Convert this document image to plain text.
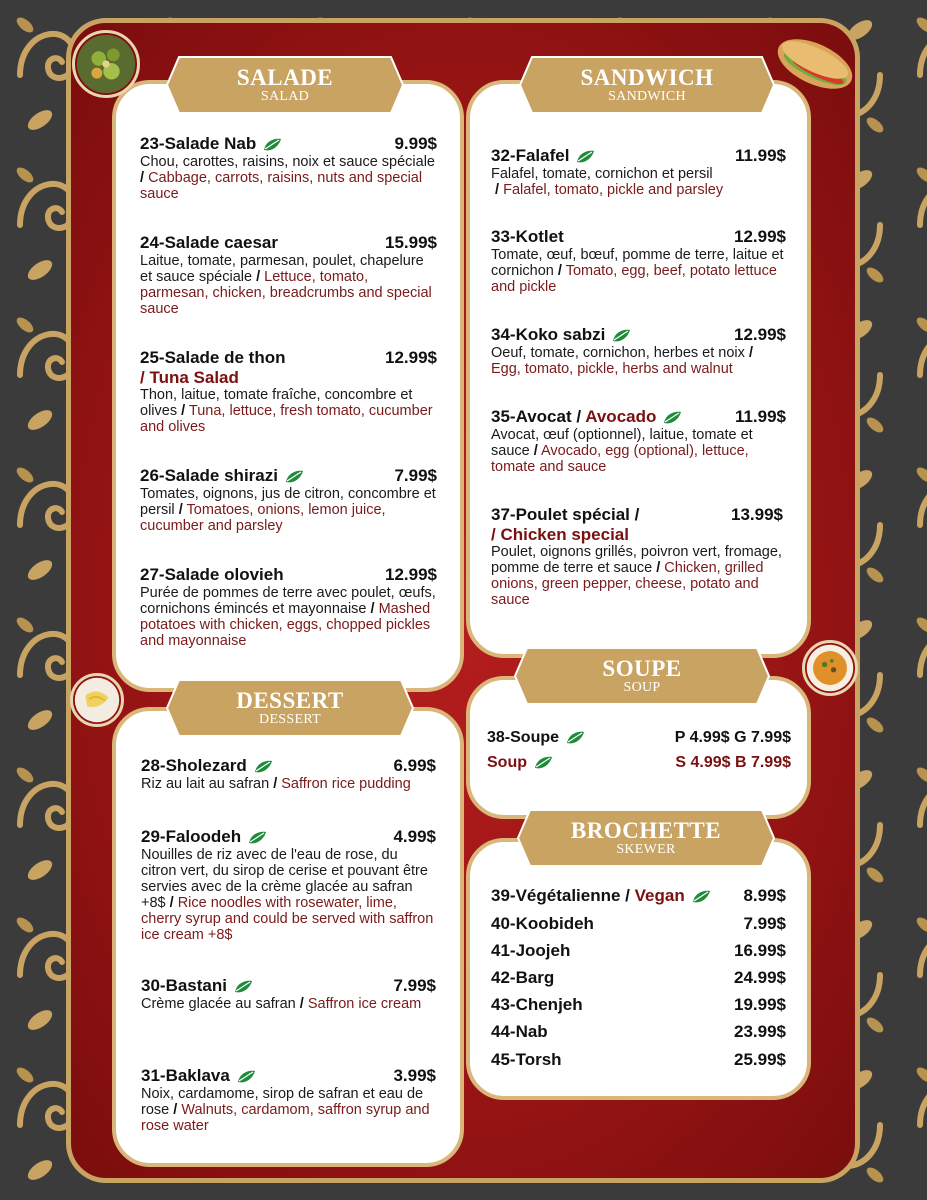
SALADE
SALAD
SANDWICH
SANDWICH
DESSERT
DESSERT
SOUPE
SOUP
BROCHETTE
SKEWER
23-Salade Nab	9.99$
Chou, carottes, raisins, noix et sauce spéciale / Cabbage, carrots, raisins, nuts and special sauce
24-Salade caesar	15.99$
Laitue, tomate, parmesan, poulet, chapelure et sauce spéciale / Lettuce, tomato, parmesan, chicken, breadcrumbs and special sauce
25-Salade de thon	12.99$
/ Tuna Salad
Thon, laitue, tomate fraîche, concombre et olives / Tuna, lettuce, fresh tomato, cucumber and olives
26-Salade shirazi	7.99$
Tomates, oignons, jus de citron, concombre et persil / Tomatoes, onions, lemon juice, cucumber and parsley
27-Salade olovieh	12.99$
Purée de pommes de terre avec poulet, œufs, cornichons émincés et mayonnaise / Mashed potatoes with chicken, eggs, chopped pickles and mayonnaise
32-Falafel	11.99$
Falafel, tomate, cornichon et persil
/ Falafel, tomato, pickle and parsley
33-Kotlet	12.99$
Tomate, œuf, bœuf, pomme de terre, laitue et cornichon / Tomato, egg, beef, potato lettuce and pickle
34-Koko sabzi	12.99$
Oeuf, tomate, cornichon, herbes et noix / Egg, tomato, pickle, herbs and walnut
35-Avocat / Avocado	11.99$
Avocat, œuf (optionnel), laitue, tomate et sauce / Avocado, egg (optional), lettuce, tomate and sauce
37-Poulet spécial /	13.99$
/ Chicken special
Poulet, oignons grillés, poivron vert, fromage, pomme de terre et sauce / Chicken, grilled onions, green pepper, cheese, potato and sauce
28-Sholezard	6.99$
Riz au lait au safran / Saffron rice pudding
29-Faloodeh	4.99$
Nouilles de riz avec de l'eau de rose, du citron vert, du sirop de cerise et pouvant être servies avec de la crème glacée au safran +8$ / Rice noodles with rosewater, lime, cherry syrup and could be served with saffron ice cream +8$
30-Bastani	7.99$
Crème glacée au safran / Saffron ice cream
31-Baklava	3.99$
Noix, cardamome, sirop de safran et eau de rose / Walnuts, cardamom, saffron syrup and rose water
38-Soupe	P 4.99$ G 7.99$
Soup	S 4.99$ B 7.99$
39-Végétalienne / Vegan	8.99$
40-Koobideh	7.99$
41-Joojeh	16.99$
42-Barg	24.99$
43-Chenjeh	19.99$
44-Nab	23.99$
45-Torsh	25.99$
